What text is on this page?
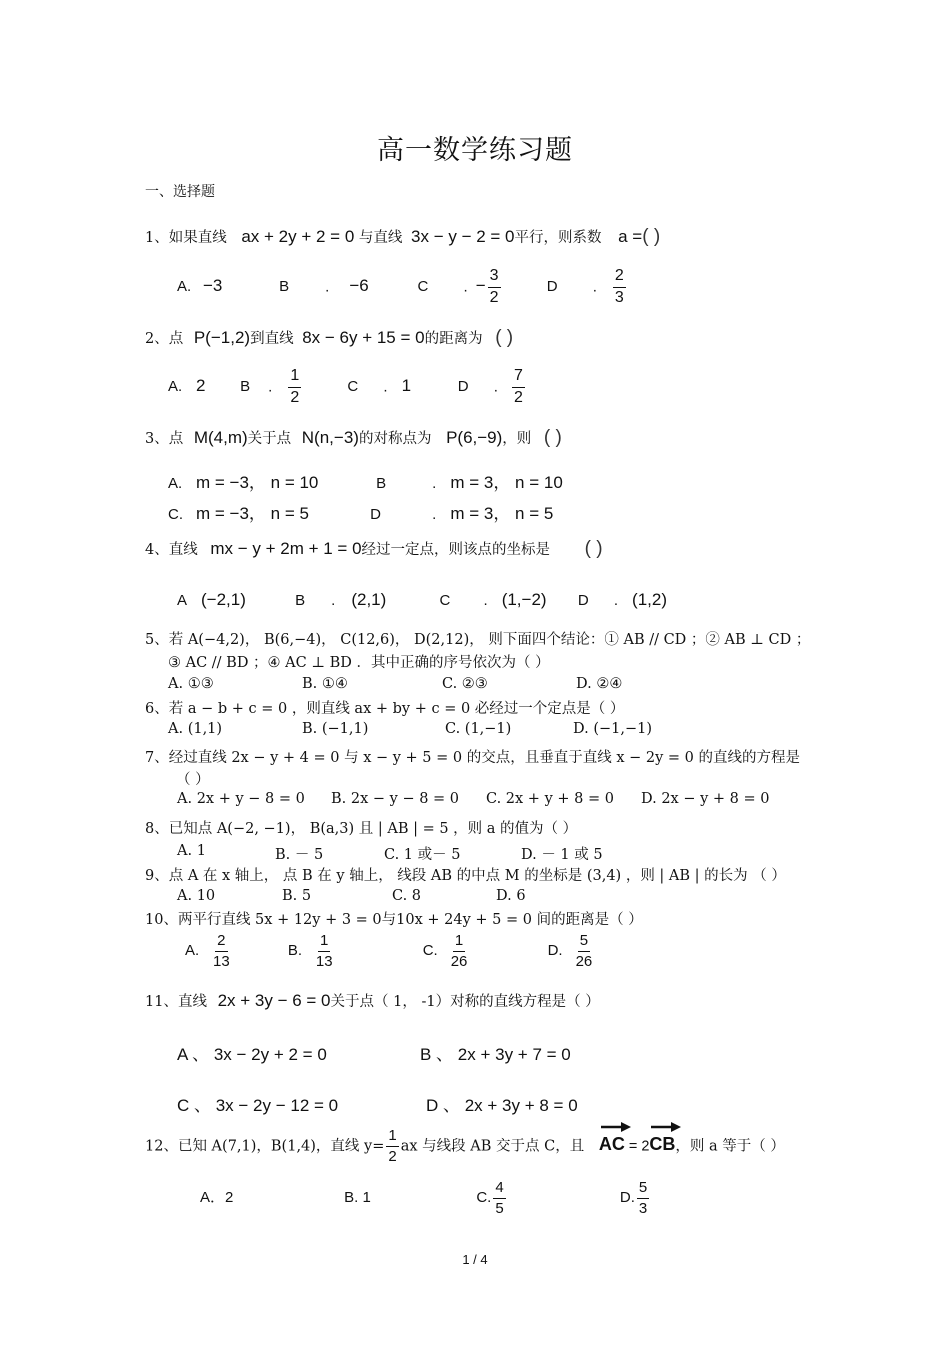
高一数学练习题
一、选择题
1、如果直线 ax + 2y + 2 = 0 与直线 3x − y − 2 = 0平行，则系数 a =( )
A. −3	B . −6	C . − $\frac{3}{2}$	D . $\frac{2}{3}$
2、点 P(−1,2)到直线 8x − 6y + 15 = 0的距离为 ( )
A. 2 B . $\frac{1}{2}$	C . 1	D . $\frac{7}{2}$
3、点 M(4,m)关于点 N(n,−3)的对称点为 P(6,−9)，则 ( )
A. m = −3， n = 10	B	. m = 3， n = 10
C. m = −3， n = 5	D	. m = 3， n = 5
4、直线 mx − y + 2m + 1 = 0经过一定点，则该点的坐标是 ( )
A (−2,1)	B . (2,1)	C . (1,−2) D . (1,2)
5、若 A(−4,2)， B(6,−4)， C(12,6)， D(2,12)， 则下面四个结论：① AB // CD ；② AB ⊥ CD ；
③ AC // BD ；④ AC ⊥ BD ．其中正确的序号依次为（ ）
A. ①③	B. ①④	C. ②③	D. ②④
6、若 a − b + c = 0 ，则直线 ax + by + c = 0 必经过一个定点是（ ）
A. (1,1)	B. (−1,1)	C. (1,−1)	D. (−1,−1)
7、经过直线 2x − y + 4 = 0 与 x − y + 5 = 0 的交点，且垂直于直线 x − 2y = 0 的直线的方程是
（ ）
A. 2x + y − 8 = 0 B. 2x − y − 8 = 0 C. 2x + y + 8 = 0 D. 2x − y + 8 = 0
8、已知点 A(−2, −1)， B(a,3) 且 | AB | = 5 ，则 a 的值为（ ）
A. 1	B. － 5	C. 1 或－ 5	D. － 1 或 5
9、点 A 在 x 轴上， 点 B 在 y 轴上， 线段 AB 的中点 M 的坐标是 (3,4) ，则 | AB | 的长为 （ ）
A. 10	B. 5	C. 8	D. 6
10、两平行直线 5x + 12y + 3 = 0与10x + 24y + 5 = 0 间的距离是（ ）
A. $\frac{2}{13}$	B. $\frac{1}{13}$	C. $\frac{1}{26}$	D. $\frac{5}{26}$
11、直线 2x + 3y − 6 = 0关于点（ 1， -1）对称的直线方程是（ ）
A 、 3x − 2y + 2 = 0	B 、 2x + 3y + 7 = 0
C 、 3x − 2y − 12 = 0	D 、 2x + 3y + 8 = 0
12、已知 A(7,1)，B(1,4)，直线 $y= \frac{1}{2}$ ax 与线段 AB 交于点 C，且 AC = 2
CB，则 a 等于（ ）
A．2	B. 1	C. $\frac{4}{5}$	D. $\frac{5}{3}$
1 / 4
